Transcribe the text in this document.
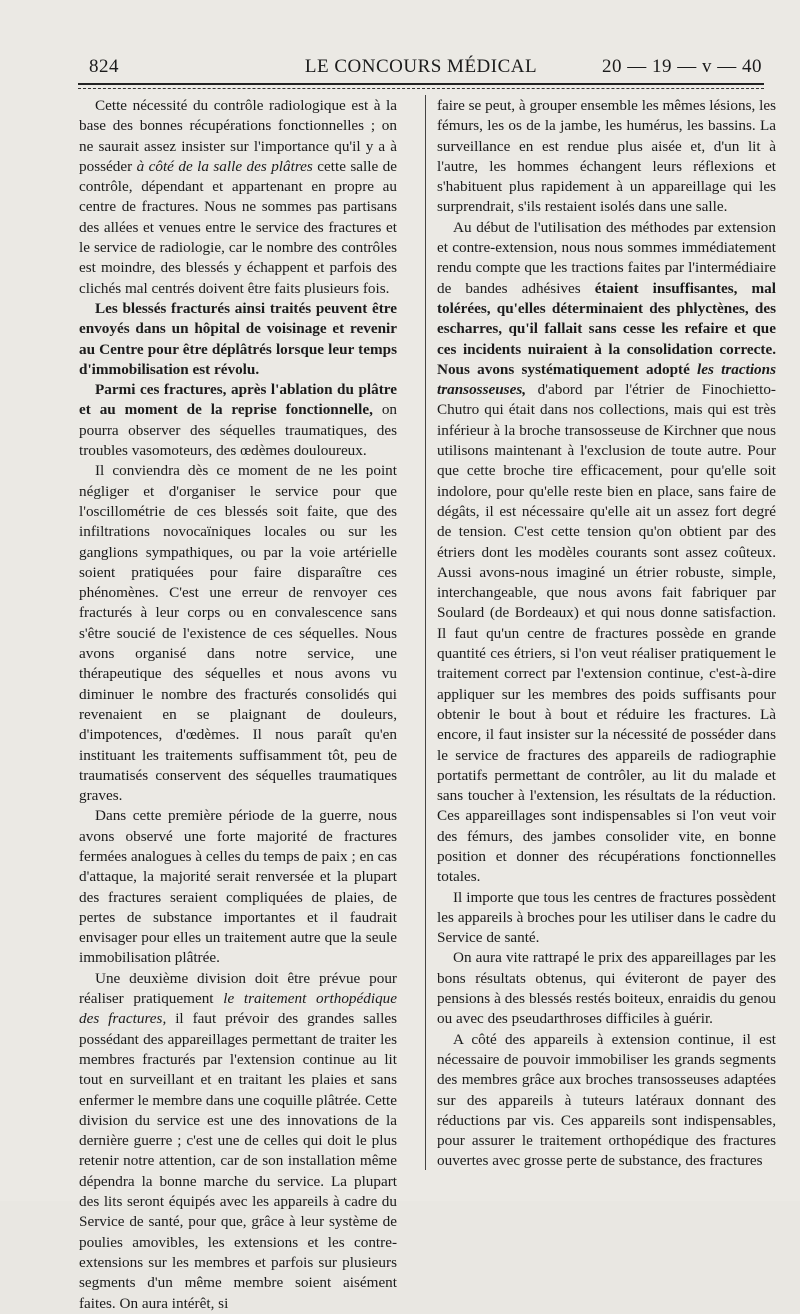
824	LE CONCOURS MÉDICAL	20 — 19 — v — 40

Cette nécessité du contrôle radiologique est à la base des bonnes récupérations fonctionnelles ; on ne saurait assez insister sur l'importance qu'il y a à posséder à côté de la salle des plâtres cette salle de contrôle, dépendant et appartenant en propre au centre de fractures. Nous ne sommes pas partisans des allées et venues entre le service des fractures et le service de radiologie, car le nombre des contrôles est moindre, des blessés y échappent et parfois des clichés mal centrés doivent être faits plusieurs fois.

Les blessés fracturés ainsi traités peuvent être envoyés dans un hôpital de voisinage et revenir au Centre pour être déplâtrés lorsque leur temps d'immobilisation est révolu.

Parmi ces fractures, après l'ablation du plâtre et au moment de la reprise fonctionnelle, on pourra observer des séquelles traumatiques, des troubles vasomoteurs, des œdèmes douloureux.

Il conviendra dès ce moment de ne les point négliger et d'organiser le service pour que l'oscillométrie de ces blessés soit faite, que des infiltrations novocaïniques locales ou sur les ganglions sympathiques, ou par la voie artérielle soient pratiquées pour faire disparaître ces phénomènes. C'est une erreur de renvoyer ces fracturés à leur corps ou en convalescence sans s'être soucié de l'existence de ces séquelles. Nous avons organisé dans notre service, une thérapeutique des séquelles et nous avons vu diminuer le nombre des fracturés consolidés qui revenaient en se plaignant de douleurs, d'impotences, d'œdèmes. Il nous paraît qu'en instituant les traitements suffisamment tôt, peu de traumatisés conservent des séquelles traumatiques graves.

Dans cette première période de la guerre, nous avons observé une forte majorité de fractures fermées analogues à celles du temps de paix ; en cas d'attaque, la majorité serait renversée et la plupart des fractures seraient compliquées de plaies, de pertes de substance importantes et il faudrait envisager pour elles un traitement autre que la seule immobilisation plâtrée.

Une deuxième division doit être prévue pour réaliser pratiquement le traitement orthopédique des fractures, il faut prévoir des grandes salles possédant des appareillages permettant de traiter les membres fracturés par l'extension continue au lit tout en surveillant et en traitant les plaies et sans enfermer le membre dans une coquille plâtrée. Cette division du service est une des innovations de la dernière guerre ; c'est une de celles qui doit le plus retenir notre attention, car de son installation même dépendra la bonne marche du service. La plupart des lits seront équipés avec les appareils à cadre du Service de santé, pour que, grâce à leur système de poulies amovibles, les extensions et les contre-extensions sur les membres et parfois sur plusieurs segments d'un même membre soient aisément faites. On aura intérêt, si

faire se peut, à grouper ensemble les mêmes lésions, les fémurs, les os de la jambe, les humérus, les bassins. La surveillance en est rendue plus aisée et, d'un lit à l'autre, les hommes échangent leurs réflexions et s'habituent plus rapidement à un appareillage qui les surprendrait, s'ils restaient isolés dans une salle.

Au début de l'utilisation des méthodes par extension et contre-extension, nous nous sommes immédiatement rendu compte que les tractions faites par l'intermédiaire de bandes adhésives étaient insuffisantes, mal tolérées, qu'elles déterminaient des phlyctènes, des escharres, qu'il fallait sans cesse les refaire et que ces incidents nuiraient à la consolidation correcte. Nous avons systématiquement adopté les tractions transosseuses, d'abord par l'étrier de Finochietto-Chutro qui était dans nos collections, mais qui est très inférieur à la broche transosseuse de Kirchner que nous utilisons maintenant à l'exclusion de toute autre. Pour que cette broche tire efficacement, pour qu'elle soit indolore, pour qu'elle reste bien en place, sans faire de dégâts, il est nécessaire qu'elle ait un assez fort degré de tension. C'est cette tension qu'on obtient par des étriers dont les modèles courants sont assez coûteux. Aussi avons-nous imaginé un étrier robuste, simple, interchangeable, que nous avons fait fabriquer par Soulard (de Bordeaux) et qui nous donne satisfaction. Il faut qu'un centre de fractures possède en grande quantité ces étriers, si l'on veut réaliser pratiquement le traitement correct par l'extension continue, c'est-à-dire appliquer sur les membres des poids suffisants pour obtenir le bout à bout et réduire les fractures. Là encore, il faut insister sur la nécessité de posséder dans le service de fractures des appareils de radiographie portatifs permettant de contrôler, au lit du malade et sans toucher à l'extension, les résultats de la réduction. Ces appareillages sont indispensables si l'on veut voir des fémurs, des jambes consolider vite, en bonne position et donner des récupérations fonctionnelles totales.

Il importe que tous les centres de fractures possèdent les appareils à broches pour les utiliser dans le cadre du Service de santé.

On aura vite rattrapé le prix des appareillages par les bons résultats obtenus, qui éviteront de payer des pensions à des blessés restés boiteux, enraidis du genou ou avec des pseudarthroses difficiles à guérir.

A côté des appareils à extension continue, il est nécessaire de pouvoir immobiliser les grands segments des membres grâce aux broches transosseuses adaptées sur des appareils à tuteurs latéraux donnant des réductions par vis. Ces appareils sont indispensables, pour assurer le traitement orthopédique des fractures ouvertes avec grosse perte de substance, des fractures
